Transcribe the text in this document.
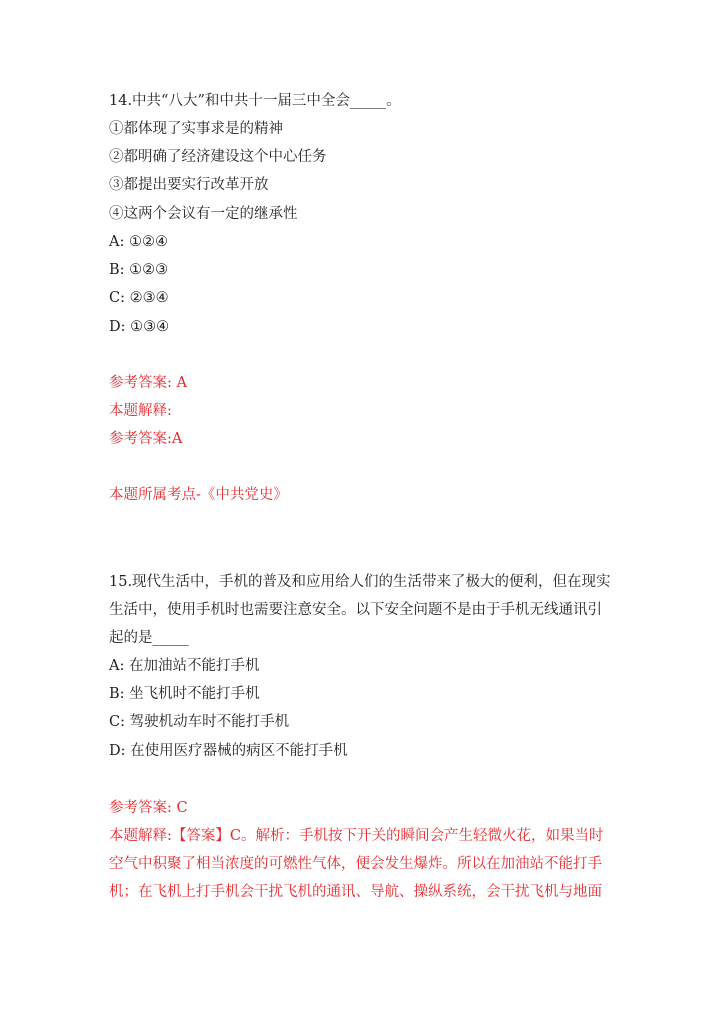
14.中共“八大”和中共十一届三中全会_____。
①都体现了实事求是的精神
②都明确了经济建设这个中心任务
③都提出要实行改革开放
④这两个会议有一定的继承性
A: ①②④
B: ①②③
C: ②③④
D: ①③④
参考答案: A
本题解释:
参考答案:A
本题所属考点-《中共党史》
15.现代生活中，手机的普及和应用给人们的生活带来了极大的便利，但在现实
生活中，使用手机时也需要注意安全。以下安全问题不是由于手机无线通讯引
起的是_____
A: 在加油站不能打手机
B: 坐飞机时不能打手机
C: 驾驶机动车时不能打手机
D: 在使用医疗器械的病区不能打手机
参考答案: C
本题解释:【答案】C。解析：手机按下开关的瞬间会产生轻微火花，如果当时
空气中积聚了相当浓度的可燃性气体，便会发生爆炸。所以在加油站不能打手
机；在飞机上打手机会干扰飞机的通讯、导航、操纵系统，会干扰飞机与地面
